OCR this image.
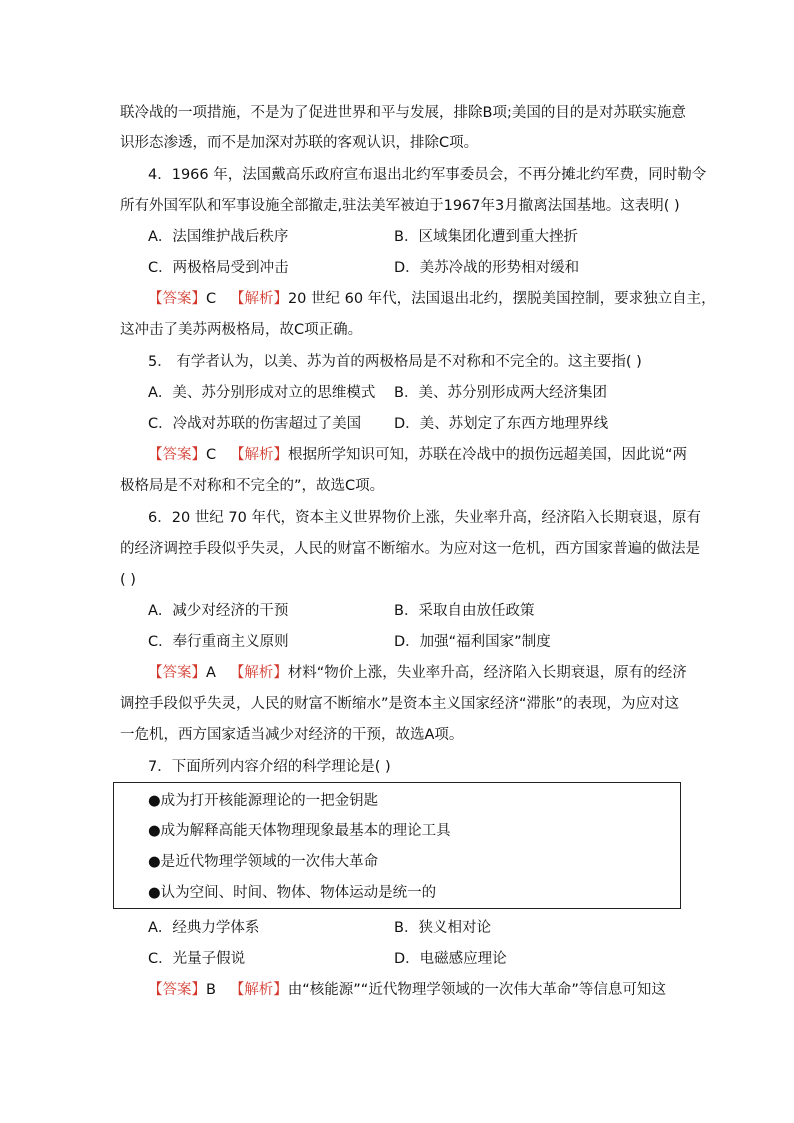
联冷战的一项措施，不是为了促进世界和平与发展，排除B项;美国的目的是对苏联实施意
识形态渗透，而不是加深对苏联的客观认识，排除C项。
4．1966 年，法国戴高乐政府宣布退出北约军事委员会，不再分摊北约军费，同时勒令
所有外国军队和军事设施全部撤走,驻法美军被迫于1967年3月撤离法国基地。这表明( )
A．法国维护战后秩序	B．区域集团化遭到重大挫折
C．两极格局受到冲击	D．美苏冷战的形势相对缓和
【答案】C 【解析】20 世纪 60 年代，法国退出北约，摆脱美国控制，要求独立自主，
这冲击了美苏两极格局，故C项正确。
5． 有学者认为，以美、苏为首的两极格局是不对称和不完全的。这主要指( )
A．美、苏分别形成对立的思维模式 B．美、苏分别形成两大经济集团
C．冷战对苏联的伤害超过了美国 D．美、苏划定了东西方地理界线
【答案】C 【解析】根据所学知识可知，苏联在冷战中的损伤远超美国，因此说“两
极格局是不对称和不完全的”，故选C项。
6．20 世纪 70 年代，资本主义世界物价上涨，失业率升高，经济陷入长期衰退，原有
的经济调控手段似乎失灵，人民的财富不断缩水。为应对这一危机，西方国家普遍的做法是
( )
A．减少对经济的干预	B．采取自由放任政策
C．奉行重商主义原则	D．加强“福利国家”制度
【答案】A 【解析】材料“物价上涨，失业率升高，经济陷入长期衰退，原有的经济
调控手段似乎失灵，人民的财富不断缩水”是资本主义国家经济“滞胀”的表现，为应对这
一危机，西方国家适当减少对经济的干预，故选A项。
7．下面所列内容介绍的科学理论是( )
●成为打开核能源理论的一把金钥匙
●成为解释高能天体物理现象最基本的理论工具
●是近代物理学领域的一次伟大革命
●认为空间、时间、物体、物体运动是统一的
A．经典力学体系	B．狭义相对论
C．光量子假说	D．电磁感应理论
【答案】B 【解析】由“核能源”“近代物理学领域的一次伟大革命”等信息可知这
